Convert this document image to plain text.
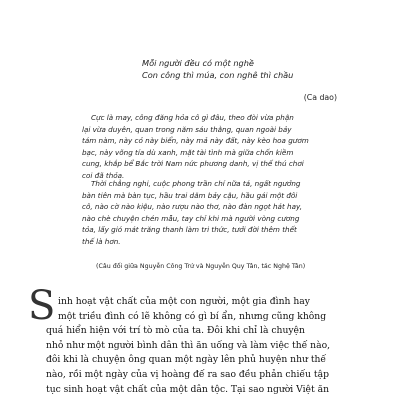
Mỗi người đều có một nghề
Con công thì múa, con nghê thì chầu
(Ca dao)
Cực là may, công đăng hỏa cô gì đâu, theo đòi vừa phận
lại vừa duyên, quan trong năm sáu thằng, quan ngoài bảy
tám nàm, này cỏ này biển, này mả này đất, này kèo hoa gươm
bạc, này võng tía dù xanh, mặt tài tình mà giữa chốn kiềm
cung, khắp bể Bắc trời Nam nức phương danh, vị thế thú chơi
coi đã thỏa.
Thời chẳng nghi, cuộc phong trần chí nữa tá, ngất ngưởng
bàn tiên mà bàn tục, hầu trai dăm bảy cậu, hầu gái một đôi
cô, nào cờ nào kiệu, nào rượu nào thơ, nào đàn ngọt hát hay,
nào chè chuyện chén mẫu, tay chỉ khi mà người vòng cương
tỏa, lấy gió mát trăng thanh làm tri thức, tưởi đời thêm thết
thế là hơn.
(Câu đối giữa Nguyễn Công Trứ và Nguyễn Quy Tân, tác Nghệ Tân)
S inh hoạt vật chất của một con người, một gia đình hay
một triều đình có lẽ không có gì bí ẩn, nhưng cũng không
quá hiển hiện với trí tò mò của ta. Đôi khi chỉ là chuyện
nhỏ như một người bình dân thì ăn uống và làm việc thế nào,
đôi khi là chuyện ông quan một ngày lên phủ huyện như thế
nào, rồi một ngày của vị hoàng đế ra sao đều phản chiếu tập
tục sinh hoạt vật chất của một dân tộc. Tại sao người Việt ăn
